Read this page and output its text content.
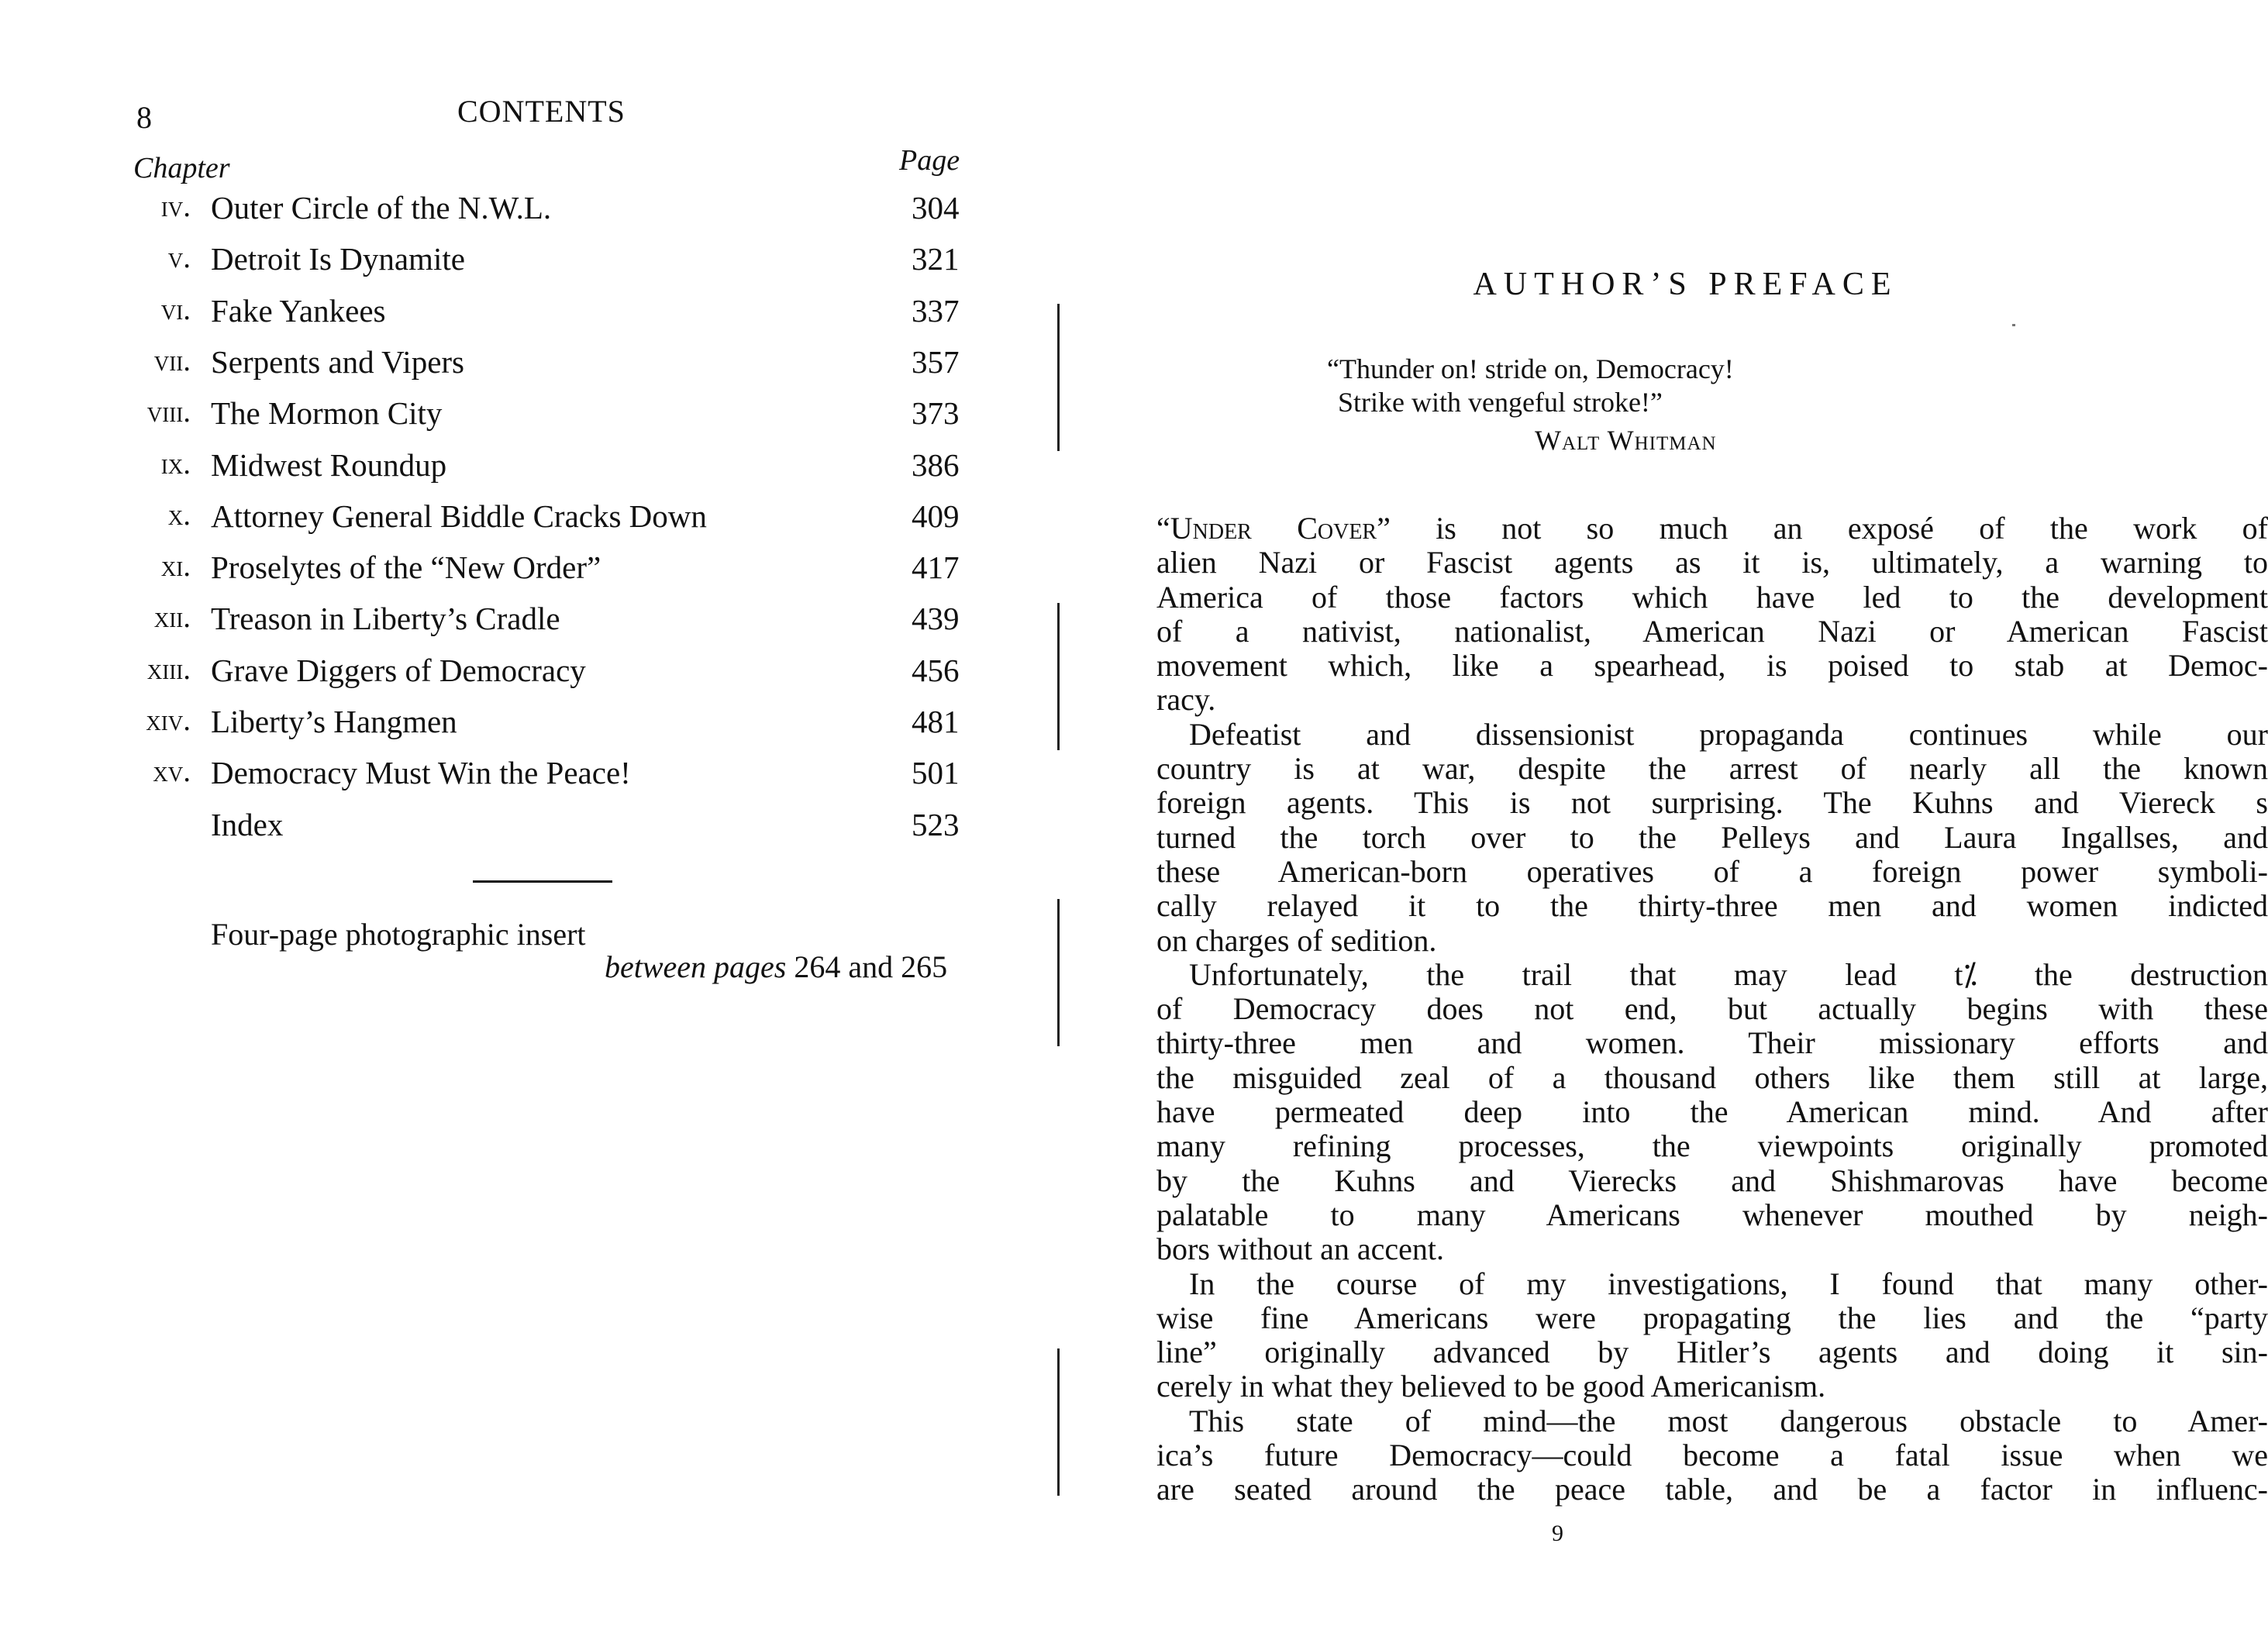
8	CONTENTS
Chapter	Page
iv. Outer Circle of the N.W.L.	304
v. Detroit Is Dynamite	321
vi. Fake Yankees	337
vii. Serpents and Vipers	357
viii. The Mormon City	373
ix. Midwest Roundup	386
x. Attorney General Biddle Cracks Down	409
xi. Proselytes of the “New Order”	417
xii. Treason in Liberty’s Cradle	439
xiii. Grave Diggers of Democracy	456
xiv. Liberty’s Hangmen	481
xv. Democracy Must Win the Peace!	501
Index	523
Four-page photographic insert
between pages 264 and 265
AUTHOR’S PREFACE
“Thunder on! stride on, Democracy!
Strike with vengeful stroke!”
Walt Whitman
“Under Cover” is not so much an exposé of the work of
alien Nazi or Fascist agents as it is, ultimately, a warning to
America of those factors which have led to the development
of a nativist, nationalist, American Nazi or American Fascist
movement which, like a spearhead, is poised to stab at Democ-
racy.
Defeatist and dissensionist propaganda continues while our
country is at war, despite the arrest of nearly all the known
foreign agents. This is not surprising. The Kuhns and Viereck s
turned the torch over to the Pelleys and Laura Ingallses, and
these American-born operatives of a foreign power symboli-
cally relayed it to the thirty-three men and women indicted
on charges of sedition.
Unfortunately, the trail that may lead t⁒ the destruction
of Democracy does not end, but actually begins with these
thirty-three men and women. Their missionary efforts and
the misguided zeal of a thousand others like them still at large,
have permeated deep into the American mind. And after
many refining processes, the viewpoints originally promoted
by the Kuhns and Vierecks and Shishmarovas have become
palatable to many Americans whenever mouthed by neigh-
bors without an accent.
In the course of my investigations, I found that many other-
wise fine Americans were propagating the lies and the “party
line” originally advanced by Hitler’s agents and doing it sin-
cerely in what they believed to be good Americanism.
This state of mind—the most dangerous obstacle to Amer-
ica’s future Democracy—could become a fatal issue when we
are seated around the peace table, and be a factor in influenc-
9
